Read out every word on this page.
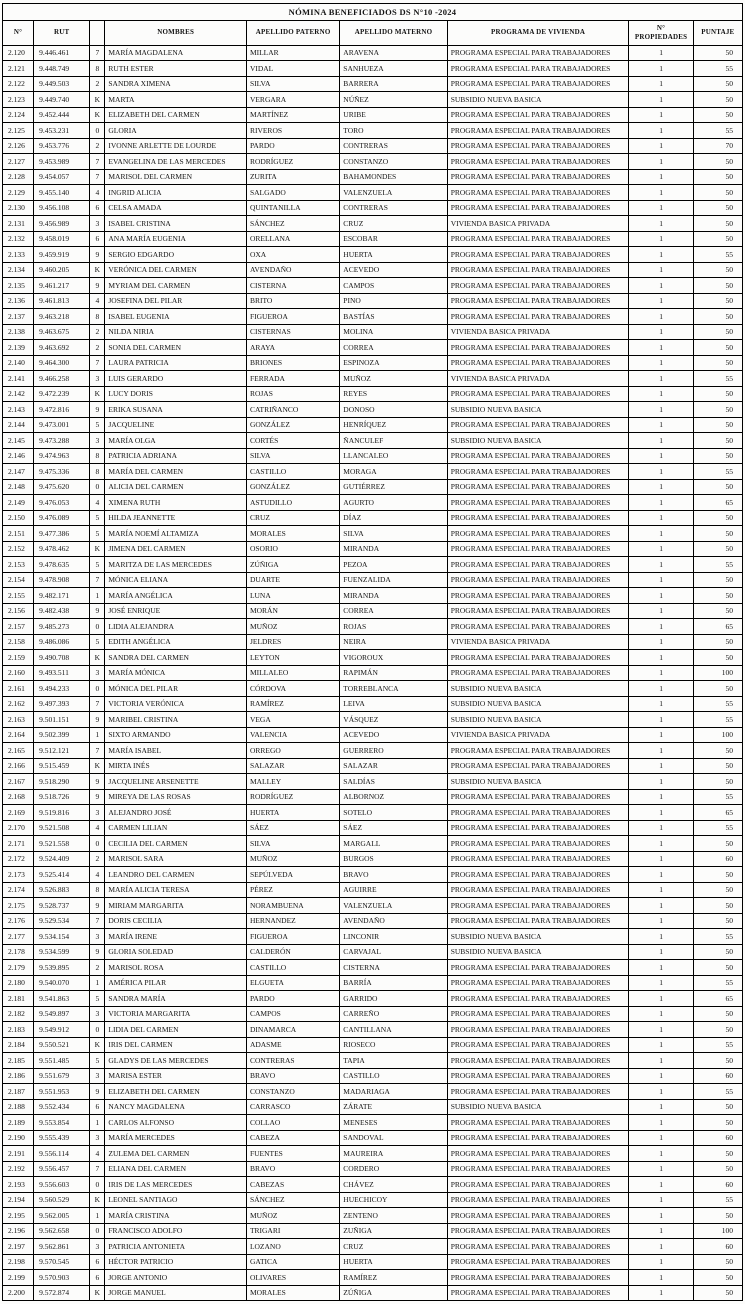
NÓMINA BENEFICIADOS DS N°10 -2024								
N°	RUT		NOMBRES	APELLIDO PATERNO	APELLIDO MATERNO	PROGRAMA DE VIVIENDA	N° PROPIEDADES	PUNTAJE
2.120	9.446.461	7	MARÍA MAGDALENA	MILLAR	ARAVENA	PROGRAMA ESPECIAL PARA TRABAJADORES	1	50
2.121	9.448.749	8	RUTH ESTER	VIDAL	SANHUEZA	PROGRAMA ESPECIAL PARA TRABAJADORES	1	55
2.122	9.449.503	2	SANDRA XIMENA	SILVA	BARRERA	PROGRAMA ESPECIAL PARA TRABAJADORES	1	50
2.123	9.449.740	K	MARTA	VERGARA	NÚÑEZ	SUBSIDIO NUEVA BASICA	1	50
2.124	9.452.444	K	ELIZABETH DEL CARMEN	MARTÍNEZ	URIBE	PROGRAMA ESPECIAL PARA TRABAJADORES	1	50
2.125	9.453.231	0	GLORIA	RIVEROS	TORO	PROGRAMA ESPECIAL PARA TRABAJADORES	1	55
2.126	9.453.776	2	IVONNE ARLETTE DE LOURDE	PARDO	CONTRERAS	PROGRAMA ESPECIAL PARA TRABAJADORES	1	70
2.127	9.453.989	7	EVANGELINA DE LAS MERCEDES	RODRÍGUEZ	CONSTANZO	PROGRAMA ESPECIAL PARA TRABAJADORES	1	50
2.128	9.454.057	7	MARISOL DEL CARMEN	ZURITA	BAHAMONDES	PROGRAMA ESPECIAL PARA TRABAJADORES	1	50
2.129	9.455.140	4	INGRID ALICIA	SALGADO	VALENZUELA	PROGRAMA ESPECIAL PARA TRABAJADORES	1	50
2.130	9.456.108	6	CELSA AMADA	QUINTANILLA	CONTRERAS	PROGRAMA ESPECIAL PARA TRABAJADORES	1	50
2.131	9.456.989	3	ISABEL CRISTINA	SÁNCHEZ	CRUZ	VIVIENDA BASICA PRIVADA	1	50
2.132	9.458.019	6	ANA MARÍA EUGENIA	ORELLANA	ESCOBAR	PROGRAMA ESPECIAL PARA TRABAJADORES	1	50
2.133	9.459.919	9	SERGIO EDGARDO	OXA	HUERTA	PROGRAMA ESPECIAL PARA TRABAJADORES	1	55
2.134	9.460.205	K	VERÓNICA DEL CARMEN	AVENDAÑO	ACEVEDO	PROGRAMA ESPECIAL PARA TRABAJADORES	1	50
2.135	9.461.217	9	MYRIAM DEL CARMEN	CISTERNA	CAMPOS	PROGRAMA ESPECIAL PARA TRABAJADORES	1	50
2.136	9.461.813	4	JOSEFINA DEL PILAR	BRITO	PINO	PROGRAMA ESPECIAL PARA TRABAJADORES	1	50
2.137	9.463.218	8	ISABEL EUGENIA	FIGUEROA	BASTÍAS	PROGRAMA ESPECIAL PARA TRABAJADORES	1	50
2.138	9.463.675	2	NILDA NIRIA	CISTERNAS	MOLINA	VIVIENDA BASICA PRIVADA	1	50
2.139	9.463.692	2	SONIA DEL CARMEN	ARAYA	CORREA	PROGRAMA ESPECIAL PARA TRABAJADORES	1	50
2.140	9.464.300	7	LAURA PATRICIA	BRIONES	ESPINOZA	PROGRAMA ESPECIAL PARA TRABAJADORES	1	50
2.141	9.466.258	3	LUIS GERARDO	FERRADA	MUÑOZ	VIVIENDA BASICA PRIVADA	1	55
2.142	9.472.239	K	LUCY DORIS	ROJAS	REYES	PROGRAMA ESPECIAL PARA TRABAJADORES	1	50
2.143	9.472.816	9	ERIKA SUSANA	CATRIÑANCO	DONOSO	SUBSIDIO NUEVA BASICA	1	50
2.144	9.473.001	5	JACQUELINE	GONZÁLEZ	HENRÍQUEZ	PROGRAMA ESPECIAL PARA TRABAJADORES	1	50
2.145	9.473.288	3	MARÍA OLGA	CORTÉS	ÑANCULEF	SUBSIDIO NUEVA BASICA	1	50
2.146	9.474.963	8	PATRICIA ADRIANA	SILVA	LLANCALEO	PROGRAMA ESPECIAL PARA TRABAJADORES	1	50
2.147	9.475.336	8	MARÍA DEL CARMEN	CASTILLO	MORAGA	PROGRAMA ESPECIAL PARA TRABAJADORES	1	55
2.148	9.475.620	0	ALICIA DEL CARMEN	GONZÁLEZ	GUTIÉRREZ	PROGRAMA ESPECIAL PARA TRABAJADORES	1	50
2.149	9.476.053	4	XIMENA RUTH	ASTUDILLO	AGURTO	PROGRAMA ESPECIAL PARA TRABAJADORES	1	65
2.150	9.476.089	5	HILDA JEANNETTE	CRUZ	DÍAZ	PROGRAMA ESPECIAL PARA TRABAJADORES	1	50
2.151	9.477.386	5	MARÍA NOEMÍ ALTAMIZA	MORALES	SILVA	PROGRAMA ESPECIAL PARA TRABAJADORES	1	50
2.152	9.478.462	K	JIMENA DEL CARMEN	OSORIO	MIRANDA	PROGRAMA ESPECIAL PARA TRABAJADORES	1	50
2.153	9.478.635	5	MARITZA DE LAS MERCEDES	ZÚÑIGA	PEZOA	PROGRAMA ESPECIAL PARA TRABAJADORES	1	55
2.154	9.478.908	7	MÓNICA ELIANA	DUARTE	FUENZALIDA	PROGRAMA ESPECIAL PARA TRABAJADORES	1	50
2.155	9.482.171	1	MARÍA ANGÉLICA	LUNA	MIRANDA	PROGRAMA ESPECIAL PARA TRABAJADORES	1	50
2.156	9.482.438	9	JOSÉ ENRIQUE	MORÁN	CORREA	PROGRAMA ESPECIAL PARA TRABAJADORES	1	50
2.157	9.485.273	0	LIDIA ALEJANDRA	MUÑOZ	ROJAS	PROGRAMA ESPECIAL PARA TRABAJADORES	1	65
2.158	9.486.086	5	EDITH ANGÉLICA	JELDRES	NEIRA	VIVIENDA BASICA PRIVADA	1	50
2.159	9.490.708	K	SANDRA DEL CARMEN	LEYTON	VIGOROUX	PROGRAMA ESPECIAL PARA TRABAJADORES	1	50
2.160	9.493.511	3	MARÍA MÓNICA	MILLALEO	RAPIMÁN	PROGRAMA ESPECIAL PARA TRABAJADORES	1	100
2.161	9.494.233	0	MÓNICA DEL PILAR	CÓRDOVA	TORREBLANCA	SUBSIDIO NUEVA BASICA	1	50
2.162	9.497.393	7	VICTORIA VERÓNICA	RAMÍREZ	LEIVA	SUBSIDIO NUEVA BASICA	1	55
2.163	9.501.151	9	MARIBEL CRISTINA	VEGA	VÁSQUEZ	SUBSIDIO NUEVA BASICA	1	55
2.164	9.502.399	1	SIXTO ARMANDO	VALENCIA	ACEVEDO	VIVIENDA BASICA PRIVADA	1	100
2.165	9.512.121	7	MARÍA ISABEL	ORREGO	GUERRERO	PROGRAMA ESPECIAL PARA TRABAJADORES	1	50
2.166	9.515.459	K	MIRTA INÉS	SALAZAR	SALAZAR	PROGRAMA ESPECIAL PARA TRABAJADORES	1	50
2.167	9.518.290	9	JACQUELINE ARSENETTE	MALLEY	SALDÍAS	SUBSIDIO NUEVA BASICA	1	50
2.168	9.518.726	9	MIREYA DE LAS ROSAS	RODRÍGUEZ	ALBORNOZ	PROGRAMA ESPECIAL PARA TRABAJADORES	1	55
2.169	9.519.816	3	ALEJANDRO JOSÉ	HUERTA	SOTELO	PROGRAMA ESPECIAL PARA TRABAJADORES	1	65
2.170	9.521.508	4	CARMEN LILIAN	SÁEZ	SÁEZ	PROGRAMA ESPECIAL PARA TRABAJADORES	1	55
2.171	9.521.558	0	CECILIA DEL CARMEN	SILVA	MARGALL	PROGRAMA ESPECIAL PARA TRABAJADORES	1	50
2.172	9.524.409	2	MARISOL SARA	MUÑOZ	BURGOS	PROGRAMA ESPECIAL PARA TRABAJADORES	1	60
2.173	9.525.414	4	LEANDRO DEL CARMEN	SEPÚLVEDA	BRAVO	PROGRAMA ESPECIAL PARA TRABAJADORES	1	50
2.174	9.526.883	8	MARÍA ALICIA TERESA	PÉREZ	AGUIRRE	PROGRAMA ESPECIAL PARA TRABAJADORES	1	50
2.175	9.528.737	9	MIRIAM MARGARITA	NORAMBUENA	VALENZUELA	PROGRAMA ESPECIAL PARA TRABAJADORES	1	50
2.176	9.529.534	7	DORIS CECILIA	HERNANDEZ	AVENDAÑO	PROGRAMA ESPECIAL PARA TRABAJADORES	1	50
2.177	9.534.154	3	MARÍA IRENE	FIGUEROA	LINCONIR	SUBSIDIO NUEVA BASICA	1	55
2.178	9.534.599	9	GLORIA SOLEDAD	CALDERÓN	CARVAJAL	SUBSIDIO NUEVA BASICA	1	50
2.179	9.539.895	2	MARISOL ROSA	CASTILLO	CISTERNA	PROGRAMA ESPECIAL PARA TRABAJADORES	1	50
2.180	9.540.070	1	AMÉRICA PILAR	ELGUETA	BARRÍA	PROGRAMA ESPECIAL PARA TRABAJADORES	1	55
2.181	9.541.863	5	SANDRA MARÍA	PARDO	GARRIDO	PROGRAMA ESPECIAL PARA TRABAJADORES	1	65
2.182	9.549.897	3	VICTORIA MARGARITA	CAMPOS	CARREÑO	PROGRAMA ESPECIAL PARA TRABAJADORES	1	50
2.183	9.549.912	0	LIDIA DEL CARMEN	DINAMARCA	CANTILLANA	PROGRAMA ESPECIAL PARA TRABAJADORES	1	50
2.184	9.550.521	K	IRIS DEL CARMEN	ADASME	RIOSECO	PROGRAMA ESPECIAL PARA TRABAJADORES	1	55
2.185	9.551.485	5	GLADYS DE LAS MERCEDES	CONTRERAS	TAPIA	PROGRAMA ESPECIAL PARA TRABAJADORES	1	50
2.186	9.551.679	3	MARISA ESTER	BRAVO	CASTILLO	PROGRAMA ESPECIAL PARA TRABAJADORES	1	60
2.187	9.551.953	9	ELIZABETH DEL CARMEN	CONSTANZO	MADARIAGA	PROGRAMA ESPECIAL PARA TRABAJADORES	1	55
2.188	9.552.434	6	NANCY MAGDALENA	CARRASCO	ZÁRATE	SUBSIDIO NUEVA BASICA	1	50
2.189	9.553.854	1	CARLOS ALFONSO	COLLAO	MENESES	PROGRAMA ESPECIAL PARA TRABAJADORES	1	50
2.190	9.555.439	3	MARÍA MERCEDES	CABEZA	SANDOVAL	PROGRAMA ESPECIAL PARA TRABAJADORES	1	60
2.191	9.556.114	4	ZULEMA DEL CARMEN	FUENTES	MAUREIRA	PROGRAMA ESPECIAL PARA TRABAJADORES	1	50
2.192	9.556.457	7	ELIANA DEL CARMEN	BRAVO	CORDERO	PROGRAMA ESPECIAL PARA TRABAJADORES	1	50
2.193	9.556.603	0	IRIS DE LAS MERCEDES	CABEZAS	CHÁVEZ	PROGRAMA ESPECIAL PARA TRABAJADORES	1	60
2.194	9.560.529	K	LEONEL SANTIAGO	SÁNCHEZ	HUECHICOY	PROGRAMA ESPECIAL PARA TRABAJADORES	1	55
2.195	9.562.005	1	MARÍA CRISTINA	MUÑOZ	ZENTENO	PROGRAMA ESPECIAL PARA TRABAJADORES	1	50
2.196	9.562.658	0	FRANCISCO ADOLFO	TRIGARI	ZUÑIGA	PROGRAMA ESPECIAL PARA TRABAJADORES	1	100
2.197	9.562.861	3	PATRICIA ANTONIETA	LOZANO	CRUZ	PROGRAMA ESPECIAL PARA TRABAJADORES	1	60
2.198	9.570.545	6	HÉCTOR PATRICIO	GATICA	HUERTA	PROGRAMA ESPECIAL PARA TRABAJADORES	1	50
2.199	9.570.903	6	JORGE ANTONIO	OLIVARES	RAMÍREZ	PROGRAMA ESPECIAL PARA TRABAJADORES	1	50
2.200	9.572.874	K	JORGE MANUEL	MORALES	ZÚÑIGA	PROGRAMA ESPECIAL PARA TRABAJADORES	1	50
